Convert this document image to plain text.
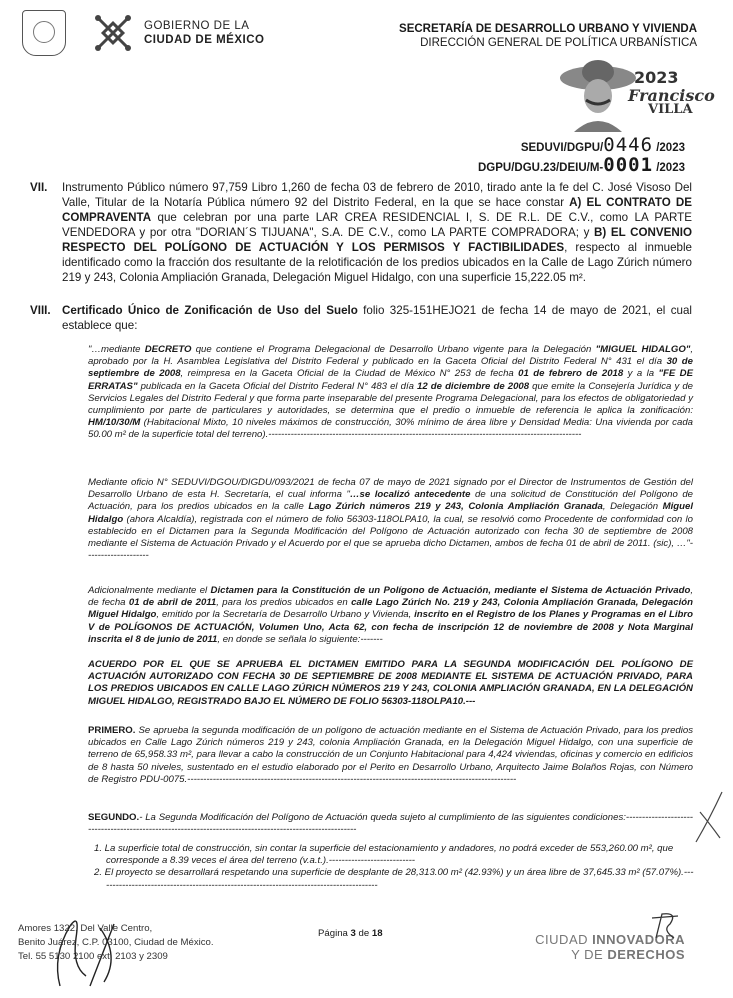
GOBIERNO DE LA
CIUDAD DE MÉXICO
SECRETARÍA DE DESARROLLO URBANO Y VIVIENDA
DIRECCIÓN GENERAL DE POLÍTICA URBANÍSTICA
2023
Francisco
VILLA
SEDUVI/DGPU/0446 /2023
DGPU/DGU.23/DEIU/M-0001 /2023
VII.	Instrumento Público número 97,759 Libro 1,260 de fecha 03 de febrero de 2010, tirado ante la fe del C. José Visoso Del Valle, Titular de la Notaría Pública número 92 del Distrito Federal, en la que se hace constar A) EL CONTRATO DE COMPRAVENTA que celebran por una parte LAR CREA RESIDENCIAL I, S. DE R.L. DE C.V., como LA PARTE VENDEDORA y por otra "DORIAN´S TIJUANA", S.A. DE C.V., como LA PARTE COMPRADORA; y B) EL CONVENIO RESPECTO DEL POLÍGONO DE ACTUACIÓN Y LOS PERMISOS Y FACTIBILIDADES, respecto al inmueble identificado como la fracción dos resultante de la relotificación de los predios ubicados en la Calle de Lago Zúrich número 219 y 243, Colonia Ampliación Granada, Delegación Miguel Hidalgo, con una superficie 15,222.05 m².
VIII. Certificado Único de Zonificación de Uso del Suelo folio 325-151HEJO21 de fecha 14 de mayo de 2021, el cual establece que:
"…mediante DECRETO que contiene el Programa Delegacional de Desarrollo Urbano vigente para la Delegación "MIGUEL HIDALGO", aprobado por la H. Asamblea Legislativa del Distrito Federal y publicado en la Gaceta Oficial del Distrito Federal N° 431 el día 30 de septiembre de 2008, reimpresa en la Gaceta Oficial de la Ciudad de México N° 253 de fecha 01 de febrero de 2018 y a la "FE DE ERRATAS" publicada en la Gaceta Oficial del Distrito Federal N° 483 el día 12 de diciembre de 2008 que emite la Consejería Jurídica y de Servicios Legales del Distrito Federal y que forma parte inseparable del presente Programa Delegacional, para los efectos de obligatoriedad y cumplimiento por parte de particulares y autoridades, se determina que el predio o inmueble de referencia le aplica la zonificación: HM/10/30/M (Habitacional Mixto, 10 niveles máximos de construcción, 30% mínimo de área libre y Densidad Media: Una vivienda por cada 50.00 m² de la superficie total del terreno).--------------------------------------------------------------------------------------------------
Mediante oficio N° SEDUVI/DGOU/DIGDU/093/2021 de fecha 07 de mayo de 2021 signado por el Director de Instrumentos de Gestión del Desarrollo Urbano de esta H. Secretaría, el cual informa "…se localizó antecedente de una solicitud de Constitución del Polígono de Actuación, para los predios ubicados en la calle Lago Zúrich números 219 y 243, Colonia Ampliación Granada, Delegación Miguel Hidalgo (ahora Alcaldía), registrada con el número de folio 56303-118OLPA10, la cual, se resolvió como Procedente de conformidad con lo establecido en el Dictamen para la Segunda Modificación del Polígono de Actuación autorizado con fecha 30 de septiembre de 2008 mediante el Sistema de Actuación Privado y el Acuerdo por el que se aprueba dicho Dictamen, ambos de fecha 01 de abril de 2011. (sic), …"--------------------
Adicionalmente mediante el Dictamen para la Constitución de un Polígono de Actuación, mediante el Sistema de Actuación Privado, de fecha 01 de abril de 2011, para los predios ubicados en calle Lago Zúrich No. 219 y 243, Colonia Ampliación Granada, Delegación Miguel Hidalgo, emitido por la Secretaría de Desarrollo Urbano y Vivienda, inscrito en el Registro de los Planes y Programas en el Libro V de POLÍGONOS DE ACTUACIÓN, Volumen Uno, Acta 62, con fecha de inscripción 12 de noviembre de 2008 y Nota Marginal inscrita el 8 de junio de 2011, en donde se señala lo siguiente:-------
ACUERDO POR EL QUE SE APRUEBA EL DICTAMEN EMITIDO PARA LA SEGUNDA MODIFICACIÓN DEL POLÍGONO DE ACTUACIÓN AUTORIZADO CON FECHA 30 DE SEPTIEMBRE DE 2008 MEDIANTE EL SISTEMA DE ACTUACIÓN PRIVADO, PARA LOS PREDIOS UBICADOS EN CALLE LAGO ZÚRICH NÚMEROS 219 Y 243, COLONIA AMPLIACIÓN GRANADA, EN LA DELEGACIÓN MIGUEL HIDALGO, REGISTRADO BAJO EL NÚMERO DE FOLIO 56303-118OLPA10.---
PRIMERO. Se aprueba la segunda modificación de un polígono de actuación mediante en el Sistema de Actuación Privado, para los predios ubicados en Calle Lago Zúrich números 219 y 243, colonia Ampliación Granada, en la Delegación Miguel Hidalgo, con una superficie de terreno de 65,958.33 m², para llevar a cabo la construcción de un Conjunto Habitacional para 4,424 viviendas, oficinas y comercio en edificios de 8 hasta 50 niveles, sustentado en el estudio elaborado por el Perito en Desarrollo Urbano, Arquitecto Jaime Bolaños Rojas, con Número de Registro PDU-0075.-------------------------------------------------------------------------------------------------------
SEGUNDO.- La Segunda Modificación del Polígono de Actuación queda sujeto al cumplimiento de las siguientes condiciones:---------------------------------------------------------------------------------------------------------

1. La superficie total de construcción, sin contar la superficie del estacionamiento y andadores, no podrá exceder de 553,260.00 m², que corresponde a 8.39 veces el área del terreno (v.a.t.).---------------------------

2. El proyecto se desarrollará respetando una superficie de desplante de 28,313.00 m² (42.93%) y un área libre de 37,645.33 m² (57.07%).----------------------------------------------------------------------------------------

Amores 1322, Del Valle Centro,
Benito Juárez, C.P. 03100, Ciudad de México.
Tel. 55 5130 2100 ext. 2103 y 2309
Página 3 de 18	CIUDAD INNOVADORA
Y DE DERECHOS
